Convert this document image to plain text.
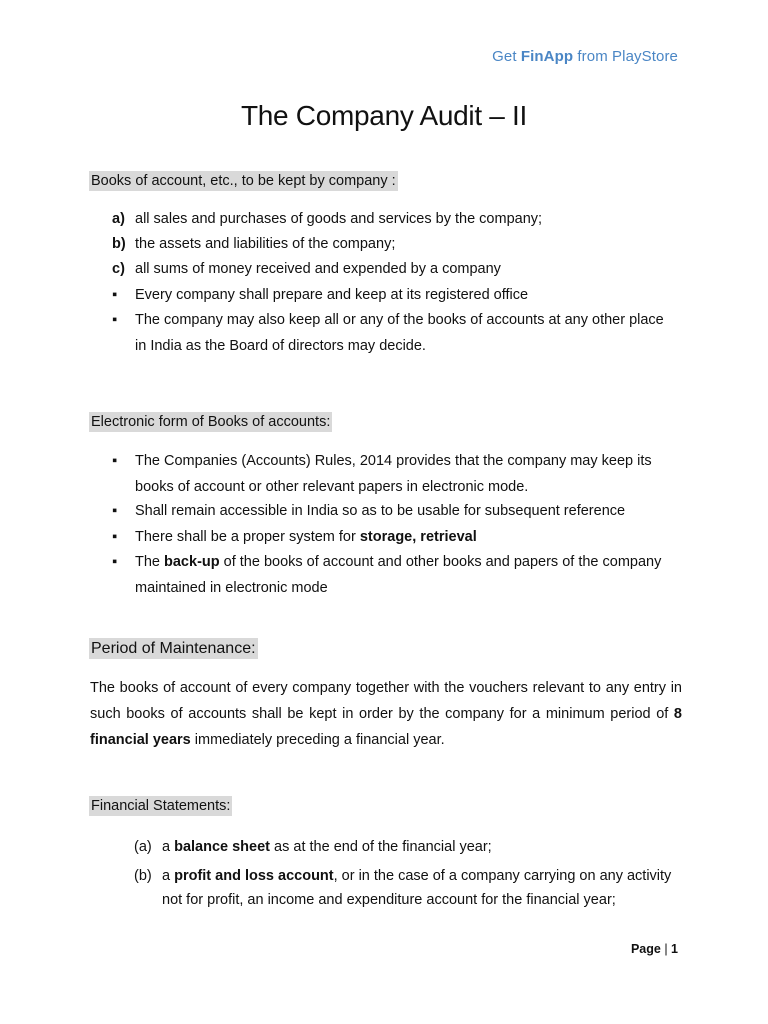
Get FinApp from PlayStore
The Company Audit – II
Books of account, etc., to be kept by company :
a) all sales and purchases of goods and services by the company;
b) the assets and liabilities of the company;
c) all sums of money received and expended by a company
▪	Every company shall prepare and keep at its registered office
▪	The company may also keep all or any of the books of accounts at any other place in India as the Board of directors may decide.
Electronic form of Books of accounts:
▪	The Companies (Accounts) Rules, 2014 provides that the company may keep its books of account or other relevant papers in electronic mode.
▪	Shall remain accessible in India so as to be usable for subsequent reference
▪	There shall be a proper system for storage, retrieval
▪	The back-up of the books of account and other books and papers of the company maintained in electronic mode
Period of Maintenance:
The books of account of every company together with the vouchers relevant to any entry in such books of accounts shall be kept in order by the company for a minimum period of 8 financial years immediately preceding a financial year.
Financial Statements:
(a) a balance sheet as at the end of the financial year;
(b) a profit and loss account, or in the case of a company carrying on any activity not for profit, an income and expenditure account for the financial year;
Page | 1
